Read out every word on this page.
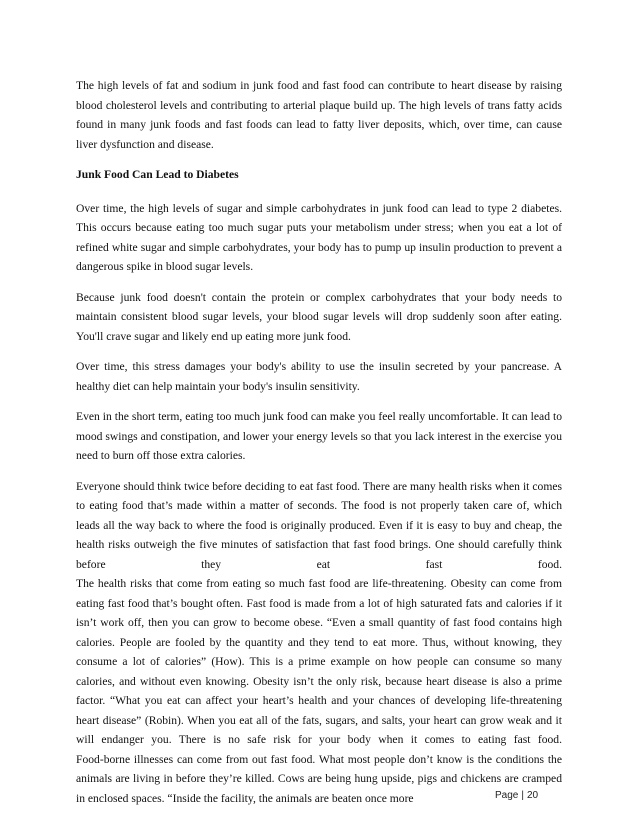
The high levels of fat and sodium in junk food and fast food can contribute to heart disease by raising blood cholesterol levels and contributing to arterial plaque build up. The high levels of trans fatty acids found in many junk foods and fast foods can lead to fatty liver deposits, which, over time, can cause liver dysfunction and disease.

Junk Food Can Lead to Diabetes

Over time, the high levels of sugar and simple carbohydrates in junk food can lead to type 2 diabetes. This occurs because eating too much sugar puts your metabolism under stress; when you eat a lot of refined white sugar and simple carbohydrates, your body has to pump up insulin production to prevent a dangerous spike in blood sugar levels.

Because junk food doesn't contain the protein or complex carbohydrates that your body needs to maintain consistent blood sugar levels, your blood sugar levels will drop suddenly soon after eating. You'll crave sugar and likely end up eating more junk food.

Over time, this stress damages your body's ability to use the insulin secreted by your pancrease. A healthy diet can help maintain your body's insulin sensitivity.

Even in the short term, eating too much junk food can make you feel really uncomfortable. It can lead to mood swings and constipation, and lower your energy levels so that you lack interest in the exercise you need to burn off those extra calories.

Everyone should think twice before deciding to eat fast food. There are many health risks when it comes to eating food that’s made within a matter of seconds. The food is not properly taken care of, which leads all the way back to where the food is originally produced. Even if it is easy to buy and cheap, the health risks outweigh the five minutes of satisfaction that fast food brings. One should carefully think before they eat fast food.

The health risks that come from eating so much fast food are life-threatening. Obesity can come from eating fast food that’s bought often. Fast food is made from a lot of high saturated fats and calories if it isn’t work off, then you can grow to become obese. “Even a small quantity of fast food contains high calories. People are fooled by the quantity and they tend to eat more. Thus, without knowing, they consume a lot of calories” (How). This is a prime example on how people can consume so many calories, and without even knowing. Obesity isn’t the only risk, because heart disease is also a prime factor. “What you eat can affect your heart’s health and your chances of developing life-threatening heart disease” (Robin). When you eat all of the fats, sugars, and salts, your heart can grow weak and it will endanger you. There is no safe risk for your body when it comes to eating fast food.

Food-borne illnesses can come from out fast food. What most people don’t know is the conditions the animals are living in before they’re killed. Cows are being hung upside, pigs and chickens are cramped in enclosed spaces. “Inside the facility, the animals are beaten once more	Page | 20
